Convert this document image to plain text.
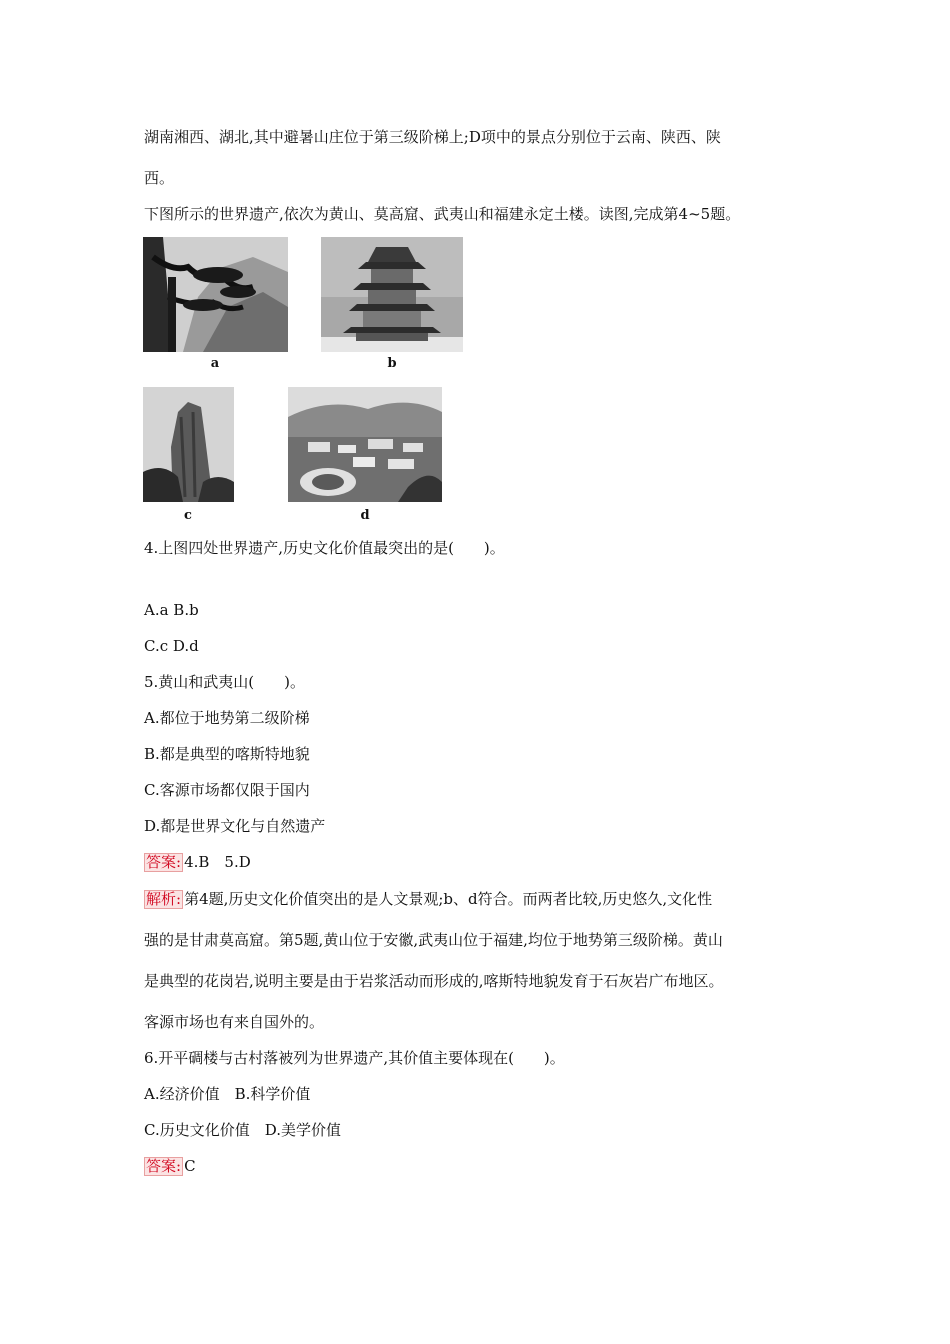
湖南湘西、湖北,其中避暑山庄位于第三级阶梯上;D项中的景点分别位于云南、陕西、陕
西。
下图所示的世界遗产,依次为黄山、莫高窟、武夷山和福建永定土楼。读图,完成第4~5题。
a	b
c	d
4.上图四处世界遗产,历史文化价值最突出的是(　　)。
A.a B.b
C.c D.d
5.黄山和武夷山(　　)。
A.都位于地势第二级阶梯
B.都是典型的喀斯特地貌
C.客源市场都仅限于国内
D.都是世界文化与自然遗产
答案: 4.B　5.D
解析: 第4题,历史文化价值突出的是人文景观;b、d符合。而两者比较,历史悠久,文化性
强的是甘肃莫高窟。第5题,黄山位于安徽,武夷山位于福建,均位于地势第三级阶梯。黄山
是典型的花岗岩,说明主要是由于岩浆活动而形成的,喀斯特地貌发育于石灰岩广布地区。
客源市场也有来自国外的。
6.开平碉楼与古村落被列为世界遗产,其价值主要体现在(　　)。
A.经济价值　B.科学价值
C.历史文化价值　D.美学价值
答案: C
